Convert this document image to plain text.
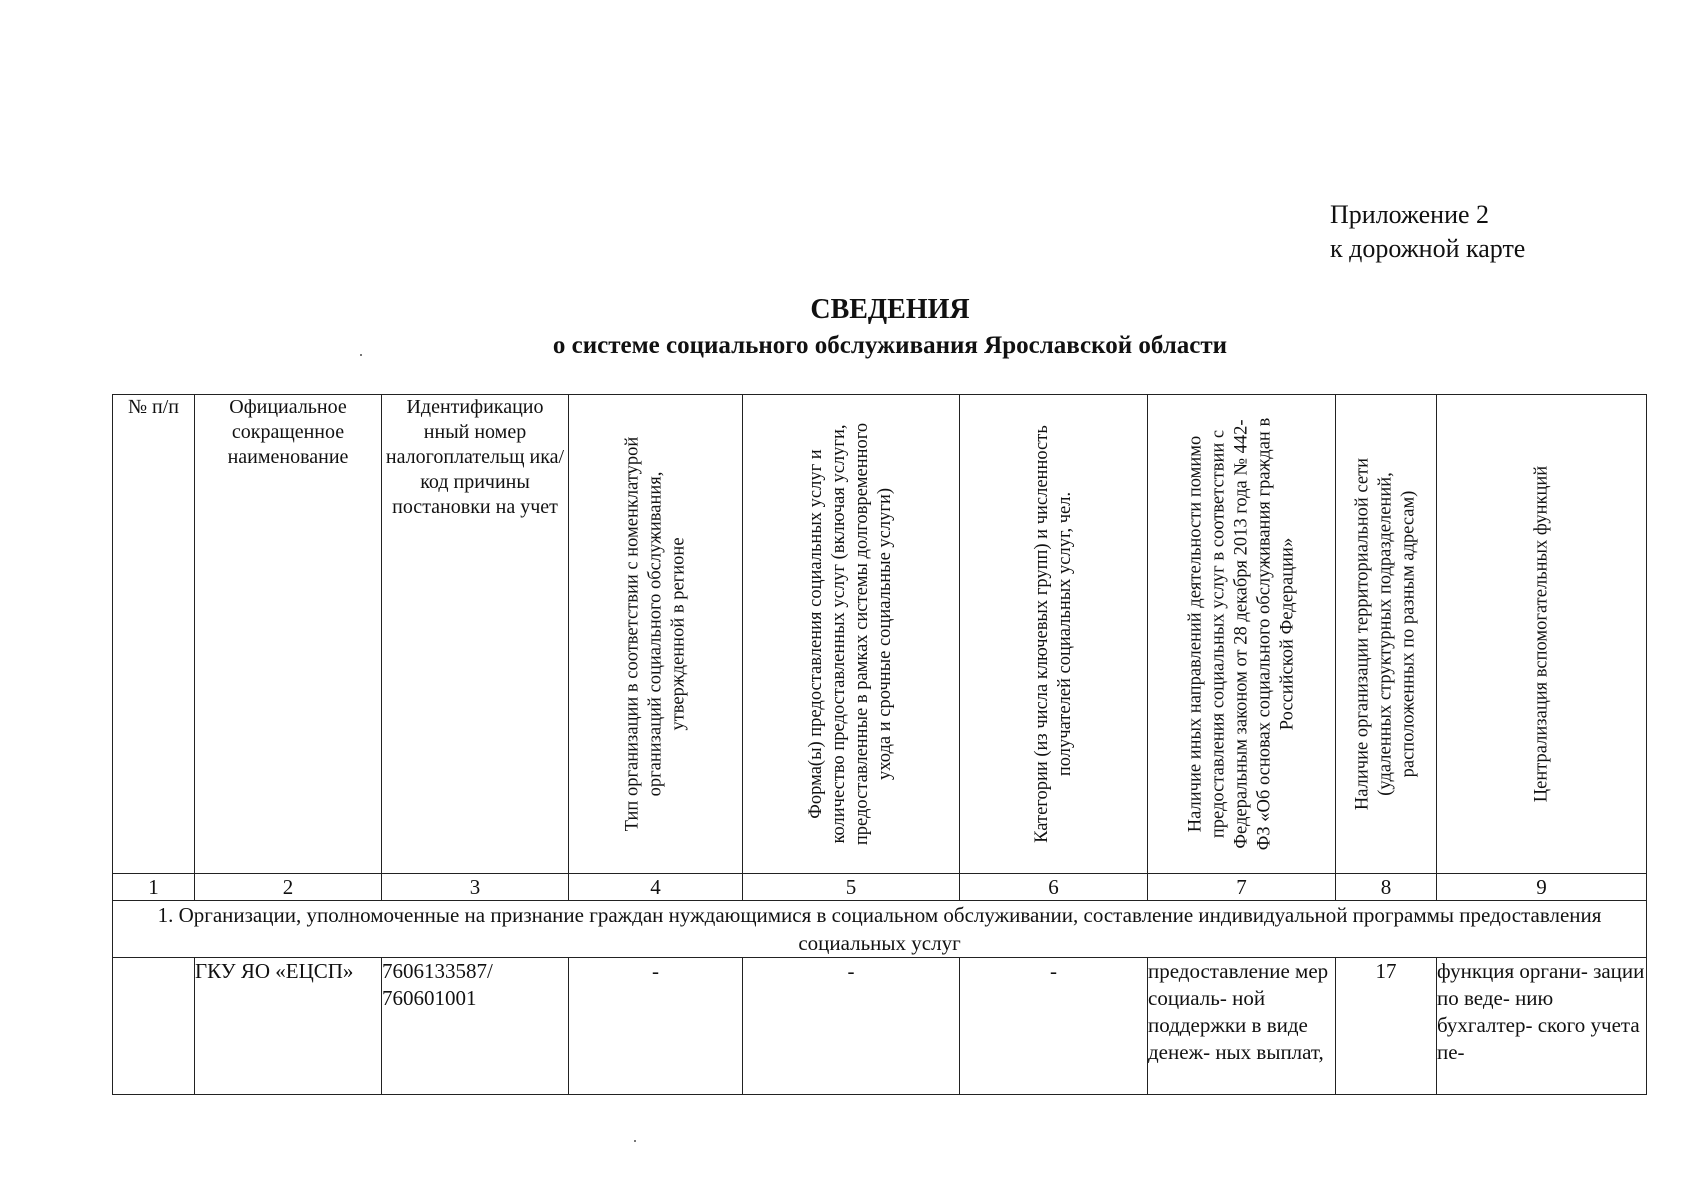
Приложение 2
к дорожной карте
СВЕДЕНИЯ
о системе социального обслуживания Ярославской области
№ п/п	Официальное сокращенное наименование	Идентификацио нный номер налогоплательщ ика/ код причины постановки на учет	Тип организации в соответствии с номенклатурой организаций социального обслуживания, утвержденной в регионе	Форма(ы) предоставления социальных услуг и количество предоставленных услуг (включая услуги, предоставленные в рамках системы долговременного ухода и срочные социальные услуги)	Категории (из числа ключевых групп) и численность получателей социальных услуг, чел.	Наличие иных направлений деятельности помимо предоставления социальных услуг в соответствии с Федеральным законом от 28 декабря 2013 года № 442-ФЗ «Об основах социального обслуживания граждан в Российской Федерации»	Наличие организации территориальной сети (удаленных структурных подразделений, расположенных по разным адресам)	Централизация вспомогательных функций

1	2	3	4	5	6	7	8	9
1. Организации, уполномоченные на признание граждан нуждающимися в социальном обслуживании, составление индивидуальной программы предоставления социальных услуг								
	ГКУ ЯО «ЕЦСП»	7606133587/ 760601001	-	-	-	предоставление мер социаль- ной поддержки в виде денеж- ных выплат,	17	функция органи- зации по веде- нию бухгалтер- ского учета пе-
